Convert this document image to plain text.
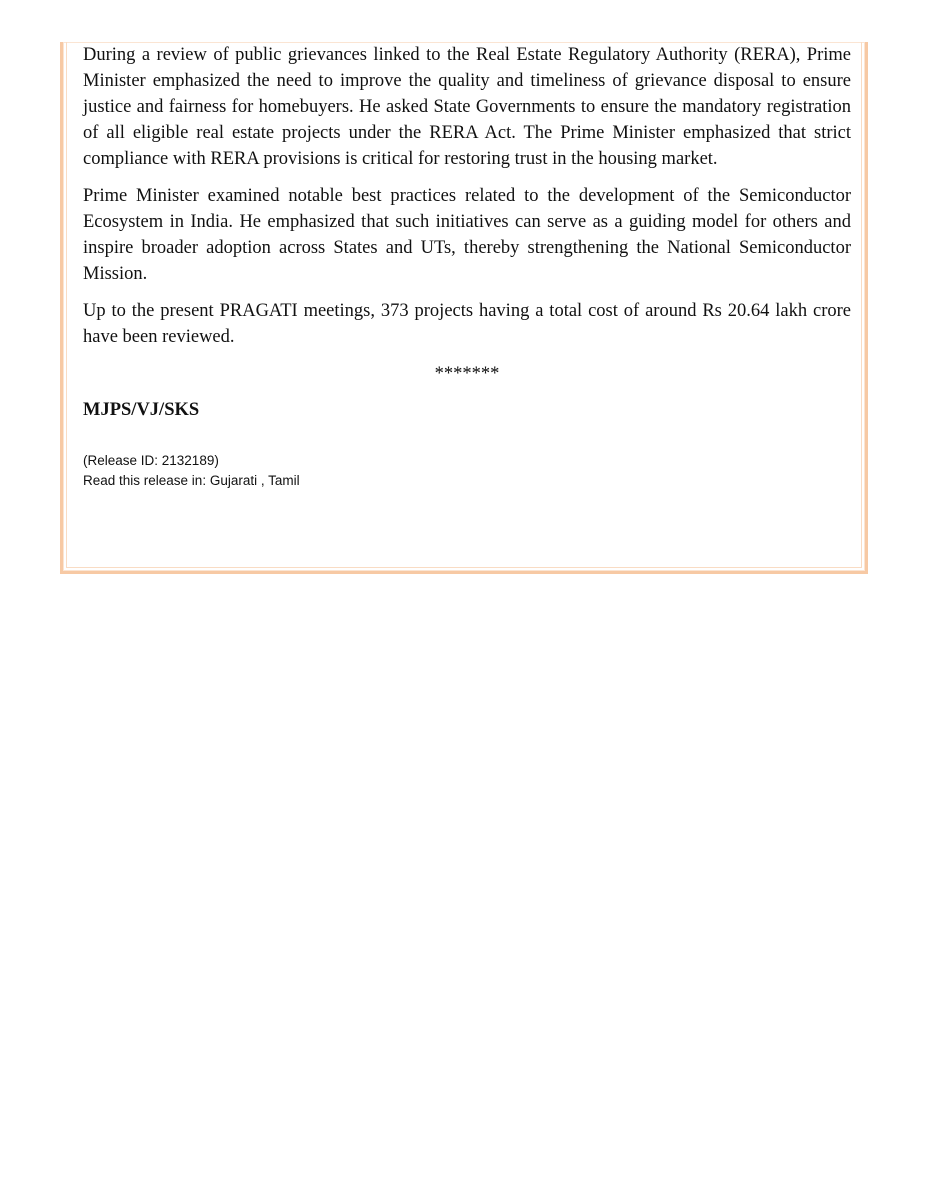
During a review of public grievances linked to the Real Estate Regulatory Authority (RERA), Prime Minister emphasized the need to improve the quality and timeliness of grievance disposal to ensure justice and fairness for homebuyers. He asked State Governments to ensure the mandatory registration of all eligible real estate projects under the RERA Act. The Prime Minister emphasized that strict compliance with RERA provisions is critical for restoring trust in the housing market.

Prime Minister examined notable best practices related to the development of the Semiconductor Ecosystem in India. He emphasized that such initiatives can serve as a guiding model for others and inspire broader adoption across States and UTs, thereby strengthening the National Semiconductor Mission.

Up to the present PRAGATI meetings, 373 projects having a total cost of around Rs 20.64 lakh crore have been reviewed.

*******
MJPS/VJ/SKS
(Release ID: 2132189)
Read this release in: Gujarati , Tamil
